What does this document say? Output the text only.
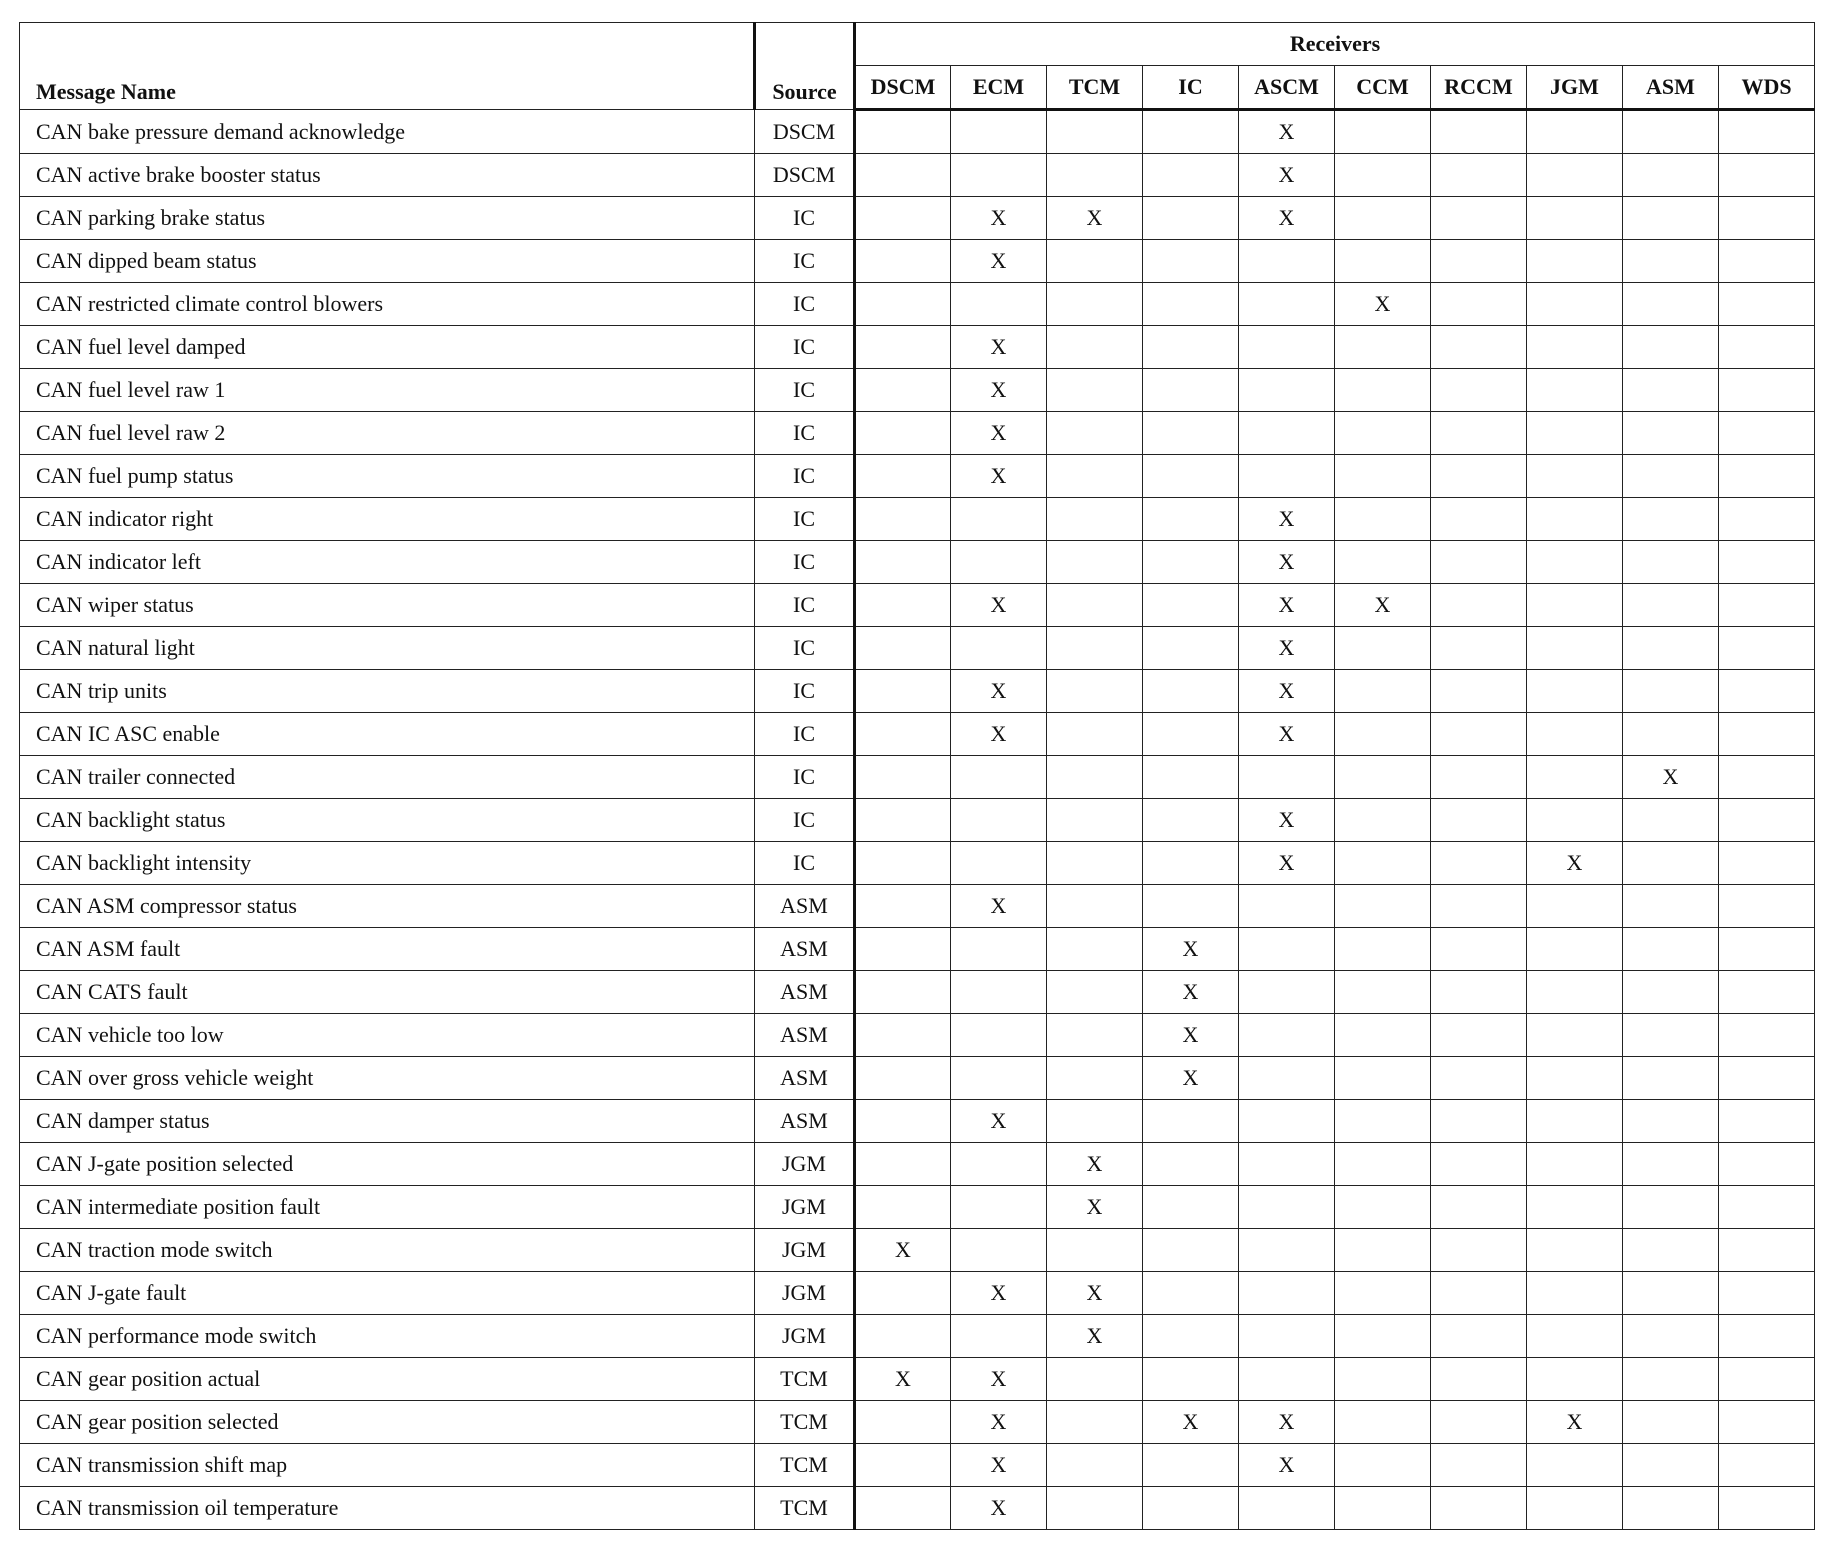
Message Name	Source	Receivers									
		DSCM	ECM	TCM	IC	ASCM	CCM	RCCM	JGM	ASM	WDS
CAN bake pressure demand acknowledge	DSCM					X					
CAN active brake booster status	DSCM					X					
CAN parking brake status	IC		X	X		X					
CAN dipped beam status	IC		X								
CAN restricted climate control blowers	IC						X				
CAN fuel level damped	IC		X								
CAN fuel level raw 1	IC		X								
CAN fuel level raw 2	IC		X								
CAN fuel pump status	IC		X								
CAN indicator right	IC					X					
CAN indicator left	IC					X					
CAN wiper status	IC		X			X	X				
CAN natural light	IC					X					
CAN trip units	IC		X			X					
CAN IC ASC enable	IC		X			X					
CAN trailer connected	IC									X	
CAN backlight status	IC					X					
CAN backlight intensity	IC					X			X		
CAN ASM compressor status	ASM		X								
CAN ASM fault	ASM				X						
CAN CATS fault	ASM				X						
CAN vehicle too low	ASM				X						
CAN over gross vehicle weight	ASM				X						
CAN damper status	ASM		X								
CAN J-gate position selected	JGM			X							
CAN intermediate position fault	JGM			X							
CAN traction mode switch	JGM	X									
CAN J-gate fault	JGM		X	X							
CAN performance mode switch	JGM			X							
CAN gear position actual	TCM	X	X								
CAN gear position selected	TCM		X		X	X			X		
CAN transmission shift map	TCM		X			X					
CAN transmission oil temperature	TCM		X								
